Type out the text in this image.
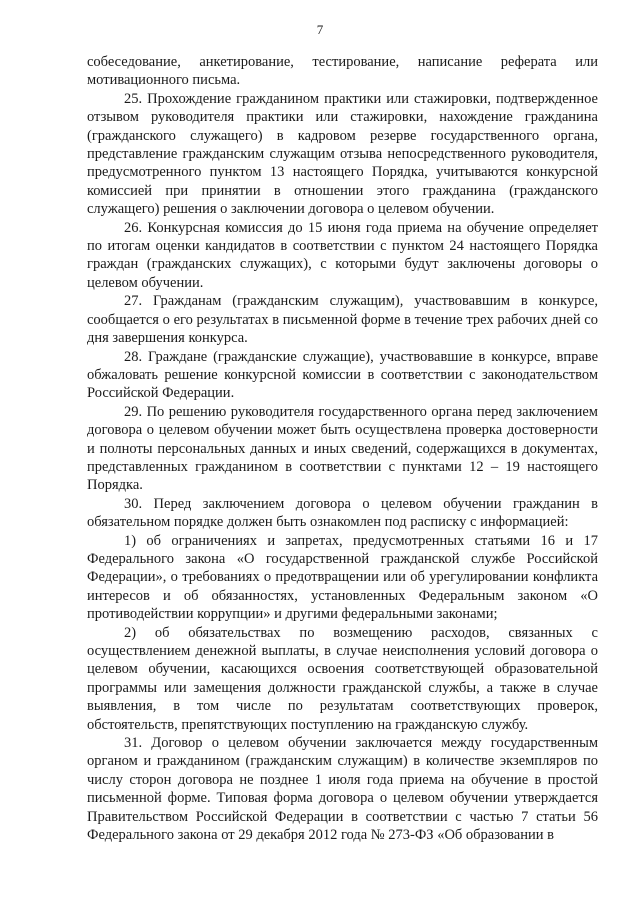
7

собеседование, анкетирование, тестирование, написание реферата или мотивационного письма.

25. Прохождение гражданином практики или стажировки, подтвержденное отзывом руководителя практики или стажировки, нахождение гражданина (гражданского служащего) в кадровом резерве государственного органа, представление гражданским служащим отзыва непосредственного руководителя, предусмотренного пунктом 13 настоящего Порядка, учитываются конкурсной комиссией при принятии в отношении этого гражданина (гражданского служащего) решения о заключении договора о целевом обучении.

26. Конкурсная комиссия до 15 июня года приема на обучение определяет по итогам оценки кандидатов в соответствии с пунктом 24 настоящего Порядка граждан (гражданских служащих), с которыми будут заключены договоры о целевом обучении.

27. Гражданам (гражданским служащим), участвовавшим в конкурсе, сообщается о его результатах в письменной форме в течение трех рабочих дней со дня завершения конкурса.

28. Граждане (гражданские служащие), участвовавшие в конкурсе, вправе обжаловать решение конкурсной комиссии в соответствии с законодательством Российской Федерации.

29. По решению руководителя государственного органа перед заключением договора о целевом обучении может быть осуществлена проверка достоверности и полноты персональных данных и иных сведений, содержащихся в документах, представленных гражданином в соответствии с пунктами 12 – 19 настоящего Порядка.

30. Перед заключением договора о целевом обучении гражданин в обязательном порядке должен быть ознакомлен под расписку с информацией:

1) об ограничениях и запретах, предусмотренных статьями 16 и 17 Федерального закона «О государственной гражданской службе Российской Федерации», о требованиях о предотвращении или об урегулировании конфликта интересов и об обязанностях, установленных Федеральным законом «О противодействии коррупции» и другими федеральными законами;

2) об обязательствах по возмещению расходов, связанных с осуществлением денежной выплаты, в случае неисполнения условий договора о целевом обучении, касающихся освоения соответствующей образовательной программы или замещения должности гражданской службы, а также в случае выявления, в том числе по результатам соответствующих проверок, обстоятельств, препятствующих поступлению на гражданскую службу.

31. Договор о целевом обучении заключается между государственным органом и гражданином (гражданским служащим) в количестве экземпляров по числу сторон договора не позднее 1 июля года приема на обучение в простой письменной форме. Типовая форма договора о целевом обучении утверждается Правительством Российской Федерации в соответствии с частью 7 статьи 56 Федерального закона от 29 декабря 2012 года № 273-ФЗ «Об образовании в
